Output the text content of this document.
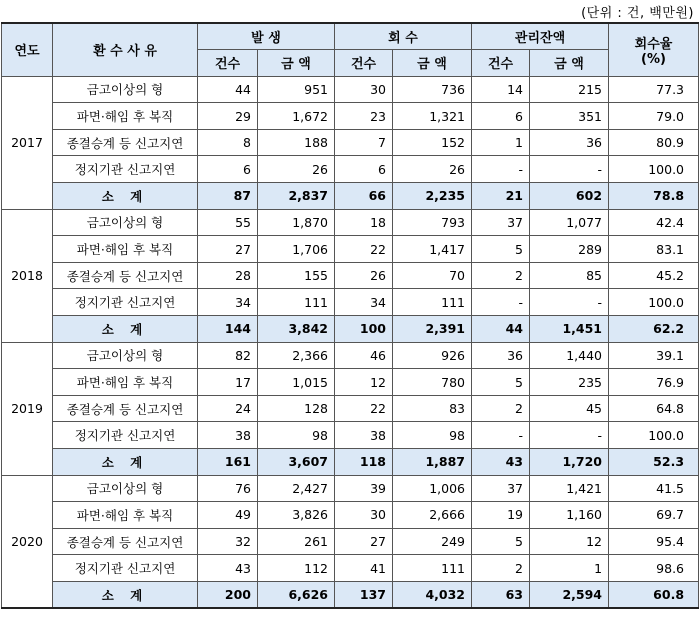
(단위 : 건, 백만원)
연도	환 수 사 유	발 생		회 수		관리잔액		회수율
(%)

		건수	금 액	건수	금 액	건수	금 액	
2017	금고이상의 형	44	951	30	736	14	215	77.3
	파면·해임 후 복직	29	1,672	23	1,321	6	351	79.0
	종결승계 등 신고지연	8	188	7	152	1	36	80.9
	정지기관 신고지연	6	26	6	26	-	-	100.0
	소 계	87	2,837	66	2,235	21	602	78.8
2018	금고이상의 형	55	1,870	18	793	37	1,077	42.4
	파면·해임 후 복직	27	1,706	22	1,417	5	289	83.1
	종결승계 등 신고지연	28	155	26	70	2	85	45.2
	정지기관 신고지연	34	111	34	111	-	-	100.0
	소 계	144	3,842	100	2,391	44	1,451	62.2
2019	금고이상의 형	82	2,366	46	926	36	1,440	39.1
	파면·해임 후 복직	17	1,015	12	780	5	235	76.9
	종결승계 등 신고지연	24	128	22	83	2	45	64.8
	정지기관 신고지연	38	98	38	98	-	-	100.0
	소 계	161	3,607	118	1,887	43	1,720	52.3
2020	금고이상의 형	76	2,427	39	1,006	37	1,421	41.5
	파면·해임 후 복직	49	3,826	30	2,666	19	1,160	69.7
	종결승계 등 신고지연	32	261	27	249	5	12	95.4
	정지기관 신고지연	43	112	41	111	2	1	98.6
	소 계	200	6,626	137	4,032	63	2,594	60.8
